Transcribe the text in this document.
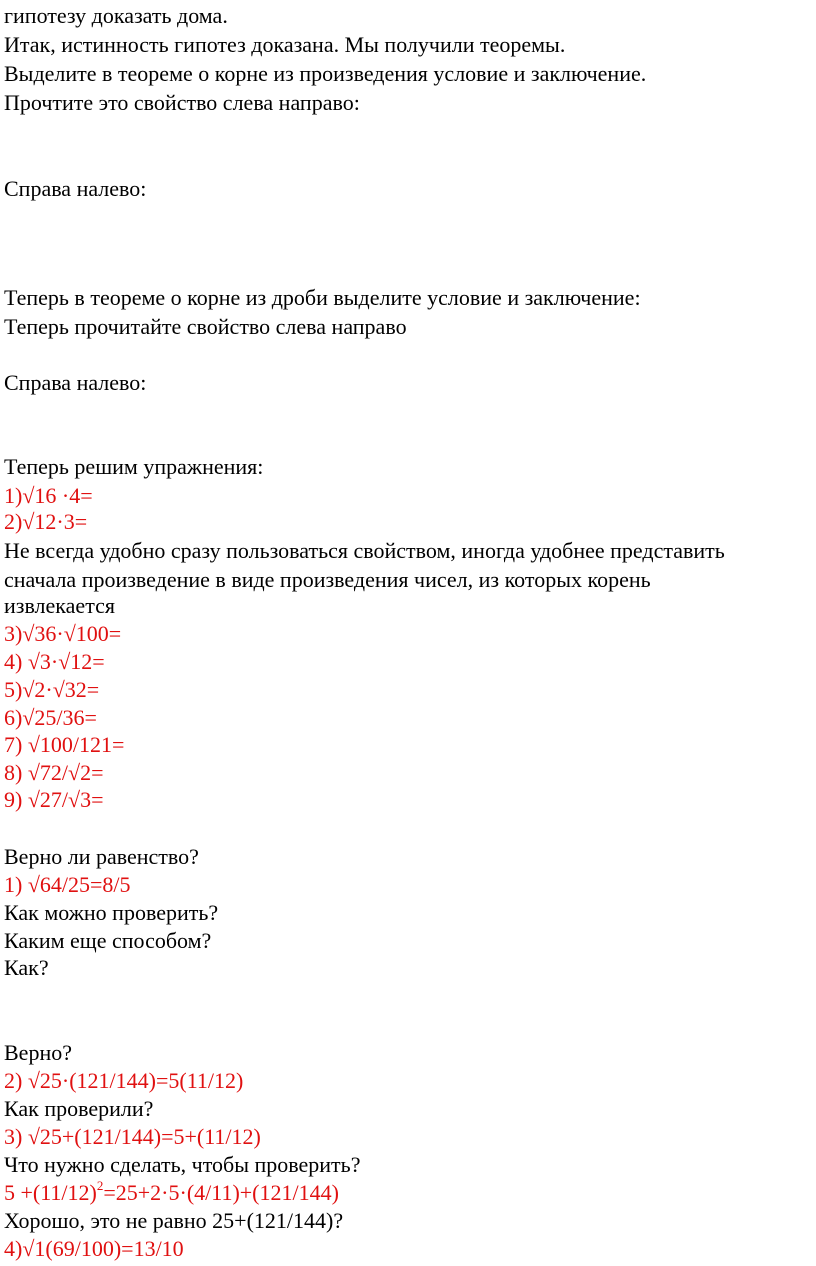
гипотезу доказать дома.
Итак, истинность гипотез доказана. Мы получили теоремы.
Выделите в теореме о корне из произведения условие и заключение.
Прочтите это свойство слева направо:
Справа налево:
Теперь в теореме о корне из дроби выделите условие и заключение:
Теперь прочитайте свойство слева направо
Справа налево:
Теперь решим упражнения:
1)√16 ·4=
2)√12·3=
Не всегда удобно сразу пользоваться свойством, иногда удобнее представить
сначала произведение в виде произведения чисел, из которых корень
извлекается
3)√36·√100=
4) √3·√12=
5)√2·√32=
6)√25/36=
7) √100/121=
8) √72/√2=
9) √27/√3=
Верно ли равенство?
1) √64/25=8/5
Как можно проверить?
Каким еще способом?
Как?
Верно?
2) √25·(121/144)=5(11/12)
Как проверили?
3) √25+(121/144)=5+(11/12)
Что нужно сделать, чтобы проверить?
$5 +(11/12)^2=25+2\cdot 5\cdot(4/11)+(121/144)$
Хорошо, это не равно 25+(121/144)?
4)√1(69/100)=13/10
